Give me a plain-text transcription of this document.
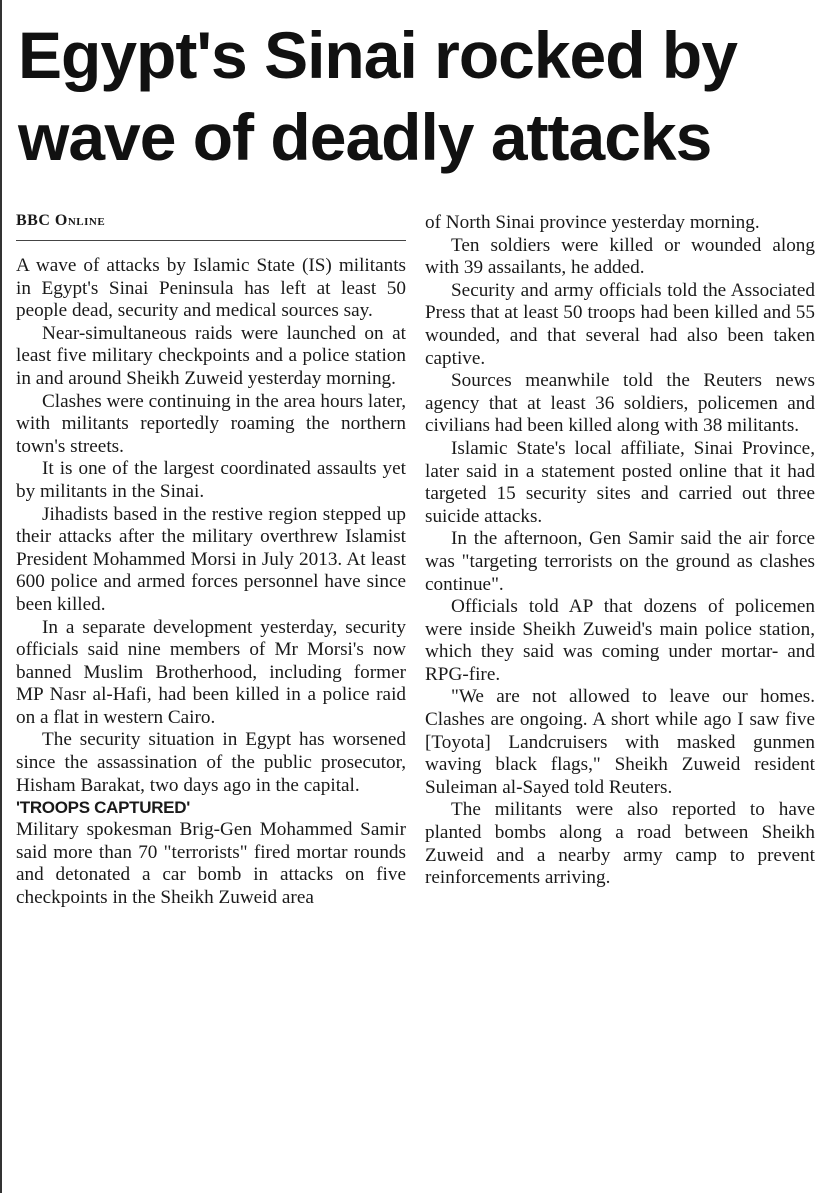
Egypt's Sinai rocked by wave of deadly attacks
BBC Online

A wave of attacks by Islamic State (IS) militants in Egypt's Sinai Peninsula has left at least 50 people dead, security and medical sources say.

Near-simultaneous raids were launched on at least five military checkpoints and a police station in and around Sheikh Zuweid yesterday morning.

Clashes were continuing in the area hours later, with militants reportedly roaming the northern town's streets.

It is one of the largest coordinated assaults yet by militants in the Sinai.

Jihadists based in the restive region stepped up their attacks after the military overthrew Islamist President Mohammed Morsi in July 2013. At least 600 police and armed forces personnel have since been killed.

In a separate development yesterday, security officials said nine members of Mr Morsi's now banned Muslim Brotherhood, including former MP Nasr al-Hafi, had been killed in a police raid on a flat in western Cairo.

The security situation in Egypt has worsened since the assassination of the public prosecutor, Hisham Barakat, two days ago in the capital.

'TROOPS CAPTURED'

Military spokesman Brig-Gen Mohammed Samir said more than 70 "terrorists" fired mortar rounds and detonated a car bomb in attacks on five checkpoints in the Sheikh Zuweid area

of North Sinai province yesterday morning.

Ten soldiers were killed or wounded along with 39 assailants, he added.

Security and army officials told the Associated Press that at least 50 troops had been killed and 55 wounded, and that several had also been taken captive.

Sources meanwhile told the Reuters news agency that at least 36 soldiers, policemen and civilians had been killed along with 38 militants.

Islamic State's local affiliate, Sinai Province, later said in a statement posted online that it had targeted 15 security sites and carried out three suicide attacks.

In the afternoon, Gen Samir said the air force was "targeting terrorists on the ground as clashes continue".

Officials told AP that dozens of policemen were inside Sheikh Zuweid's main police station, which they said was coming under mortar- and RPG-fire.

"We are not allowed to leave our homes. Clashes are ongoing. A short while ago I saw five [Toyota] Landcruisers with masked gunmen waving black flags," Sheikh Zuweid resident Suleiman al-Sayed told Reuters.

The militants were also reported to have planted bombs along a road between Sheikh Zuweid and a nearby army camp to prevent reinforcements arriving.
